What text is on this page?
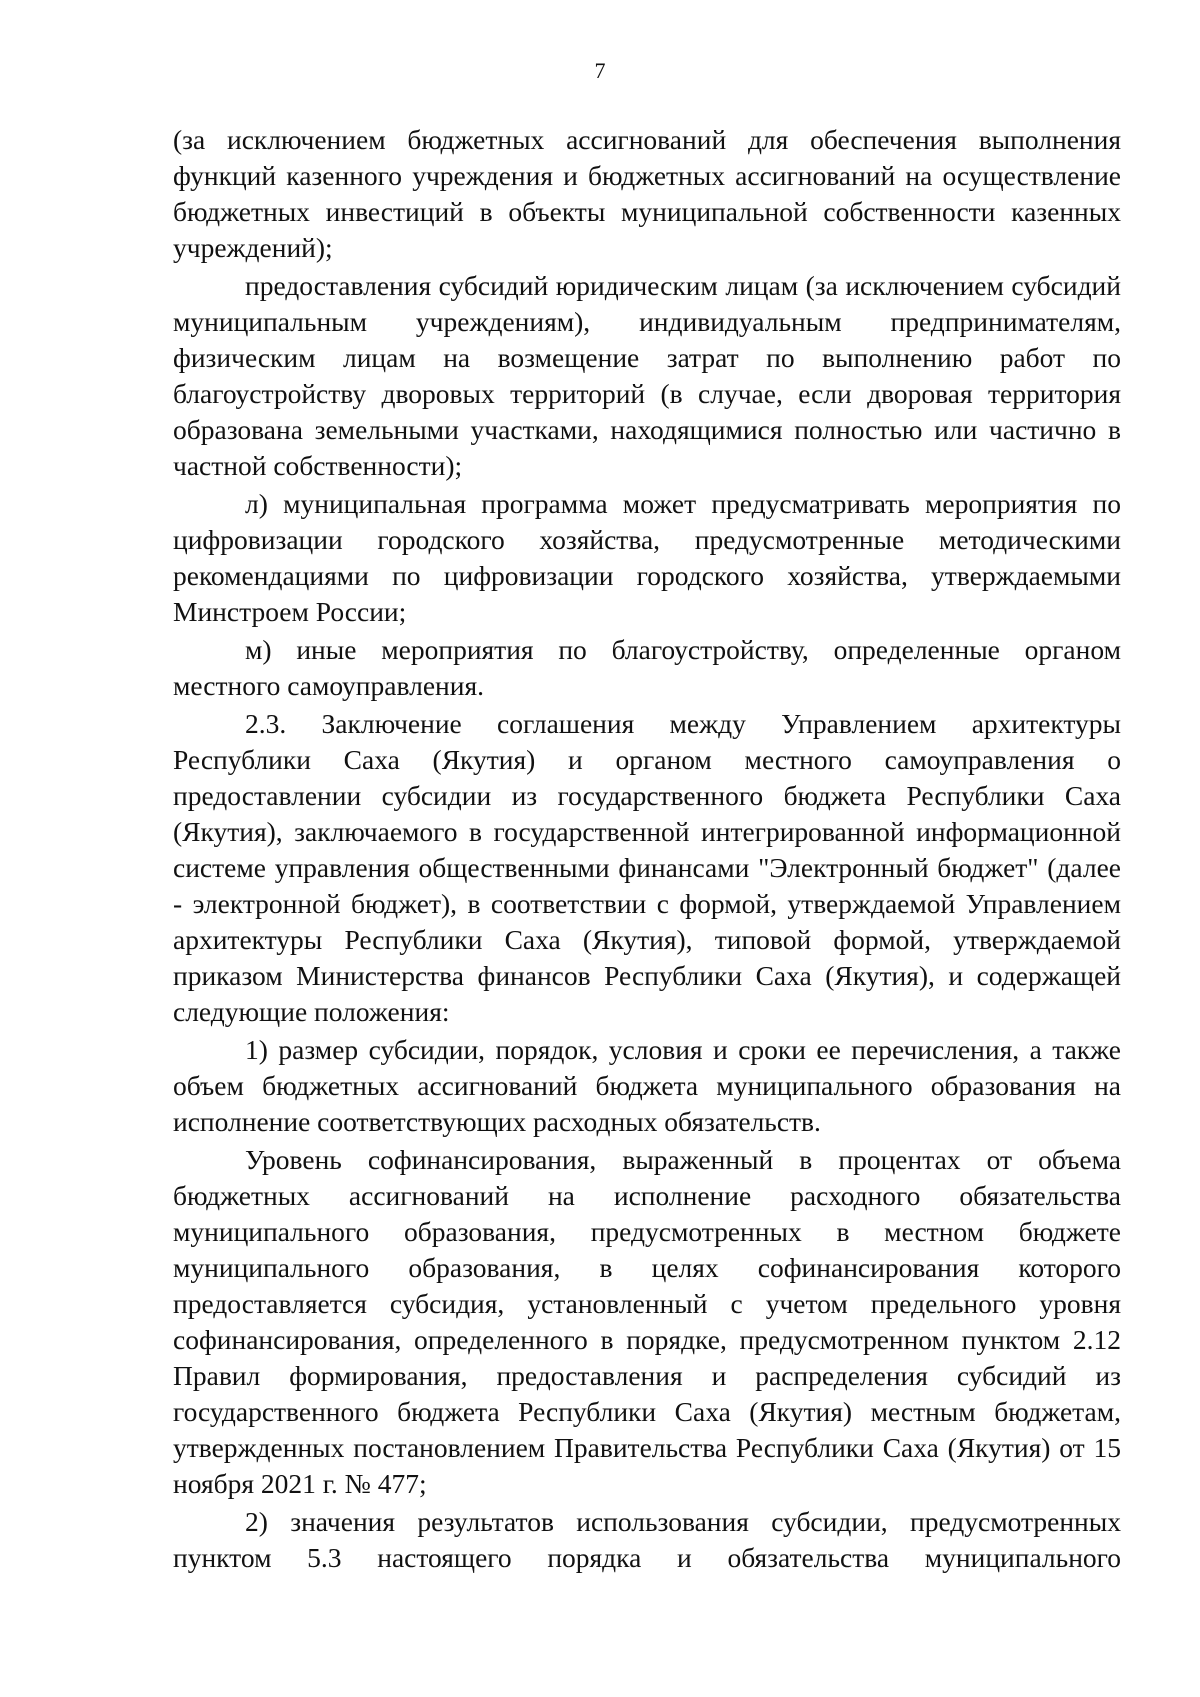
7

(за исключением бюджетных ассигнований для обеспечения выполнения функций казенного учреждения и бюджетных ассигнований на осуществление бюджетных инвестиций в объекты муниципальной собственности казенных учреждений);

предоставления субсидий юридическим лицам (за исключением субсидий муниципальным учреждениям), индивидуальным предпринимателям, физическим лицам на возмещение затрат по выполнению работ по благоустройству дворовых территорий (в случае, если дворовая территория образована земельными участками, находящимися полностью или частично в частной собственности);

л) муниципальная программа может предусматривать мероприятия по цифровизации городского хозяйства, предусмотренные методическими рекомендациями по цифровизации городского хозяйства, утверждаемыми Минстроем России;

м) иные мероприятия по благоустройству, определенные органом местного самоуправления.

2.3. Заключение соглашения между Управлением архитектуры Республики Саха (Якутия) и органом местного самоуправления о предоставлении субсидии из государственного бюджета Республики Саха (Якутия), заключаемого в государственной интегрированной информационной системе управления общественными финансами "Электронный бюджет" (далее - электронной бюджет), в соответствии с формой, утверждаемой Управлением архитектуры Республики Саха (Якутия), типовой формой, утверждаемой приказом Министерства финансов Республики Саха (Якутия), и содержащей следующие положения:

1) размер субсидии, порядок, условия и сроки ее перечисления, а также объем бюджетных ассигнований бюджета муниципального образования на исполнение соответствующих расходных обязательств.

Уровень софинансирования, выраженный в процентах от объема бюджетных ассигнований на исполнение расходного обязательства муниципального образования, предусмотренных в местном бюджете муниципального образования, в целях софинансирования которого предоставляется субсидия, установленный с учетом предельного уровня софинансирования, определенного в порядке, предусмотренном пунктом 2.12 Правил формирования, предоставления и распределения субсидий из государственного бюджета Республики Саха (Якутия) местным бюджетам, утвержденных постановлением Правительства Республики Саха (Якутия) от 15 ноября 2021 г. № 477;

2) значения результатов использования субсидии, предусмотренных пунктом 5.3 настоящего порядка и обязательства муниципального
